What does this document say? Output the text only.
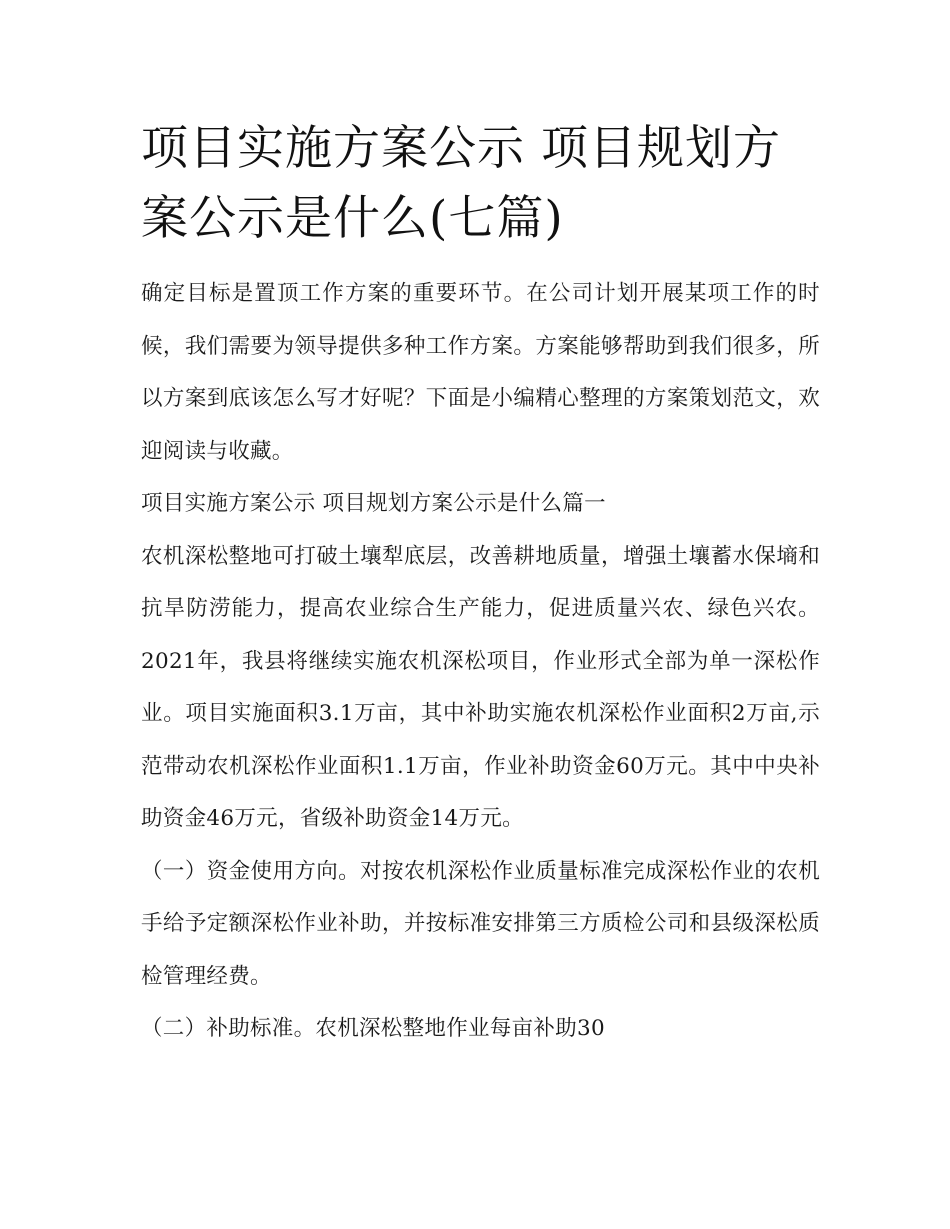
项目实施方案公示 项目规划方案公示是什么(七篇)

确定目标是置顶工作方案的重要环节。在公司计划开展某项工作的时候，我们需要为领导提供多种工作方案。方案能够帮助到我们很多，所以方案到底该怎么写才好呢？下面是小编精心整理的方案策划范文，欢迎阅读与收藏。

项目实施方案公示 项目规划方案公示是什么篇一

农机深松整地可打破土壤犁底层，改善耕地质量，增强土壤蓄水保墒和抗旱防涝能力，提高农业综合生产能力，促进质量兴农、绿色兴农。2021年，我县将继续实施农机深松项目，作业形式全部为单一深松作业。项目实施面积3.1万亩，其中补助实施农机深松作业面积2万亩,示范带动农机深松作业面积1.1万亩，作业补助资金60万元。其中中央补助资金46万元，省级补助资金14万元。

（一）资金使用方向。对按农机深松作业质量标准完成深松作业的农机手给予定额深松作业补助，并按标准安排第三方质检公司和县级深松质检管理经费。

（二）补助标准。农机深松整地作业每亩补助30
